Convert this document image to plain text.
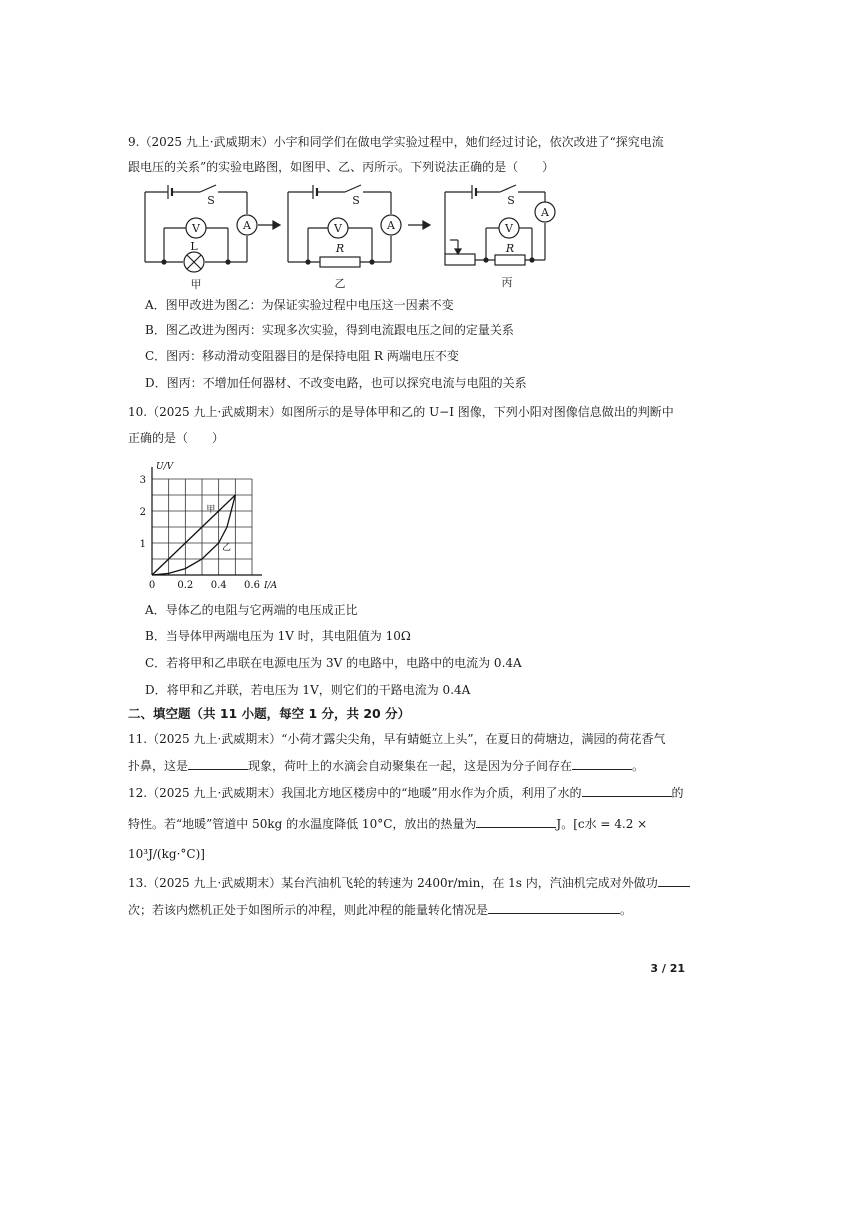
9.（2025 九上·武威期末）小宇和同学们在做电学实验过程中，她们经过讨论，依次改进了“探究电流
跟电压的关系”的实验电路图，如图甲、乙、丙所示。下列说法正确的是（　　）
S
V	A
L
甲
S
V	A
R
乙
S
V
A
R
丙
A．图甲改进为图乙：为保证实验过程中电压这一因素不变
B．图乙改进为图丙：实现多次实验，得到电流跟电压之间的定量关系
C．图丙：移动滑动变阻器目的是保持电阻 R 两端电压不变
D．图丙：不增加任何器材、不改变电路，也可以探究电流与电阻的关系
10.（2025 九上·武威期末）如图所示的是导体甲和乙的 U−I 图像，下列小阳对图像信息做出的判断中
正确的是（　　）
0 0.2 0.4 0.6
1
2
3
I/A
U/V
甲
乙
A．导体乙的电阻与它两端的电压成正比
B．当导体甲两端电压为 1V 时，其电阻值为 10Ω
C．若将甲和乙串联在电源电压为 3V 的电路中，电路中的电流为 0.4A
D．将甲和乙并联，若电压为 1V，则它们的干路电流为 0.4A
二、填空题（共 11 小题，每空 1 分，共 20 分）
11.（2025 九上·武威期末）“小荷才露尖尖角，早有蜻蜓立上头”，在夏日的荷塘边，满园的荷花香气
扑鼻，这是	现象，荷叶上的水滴会自动聚集在一起，这是因为分子间存在	。
12.（2025 九上·武威期末）我国北方地区楼房中的“地暖”用水作为介质，利用了水的	的
特性。若“地暖”管道中 50kg 的水温度降低 10°C，放出的热量为	J。[c水 = 4.2 ×
10³J/(kg·°C)]
13.（2025 九上·武威期末）某台汽油机飞轮的转速为 2400r/min，在 1s 内，汽油机完成对外做功
次；若该内燃机正处于如图所示的冲程，则此冲程的能量转化情况是	。
3 / 21
